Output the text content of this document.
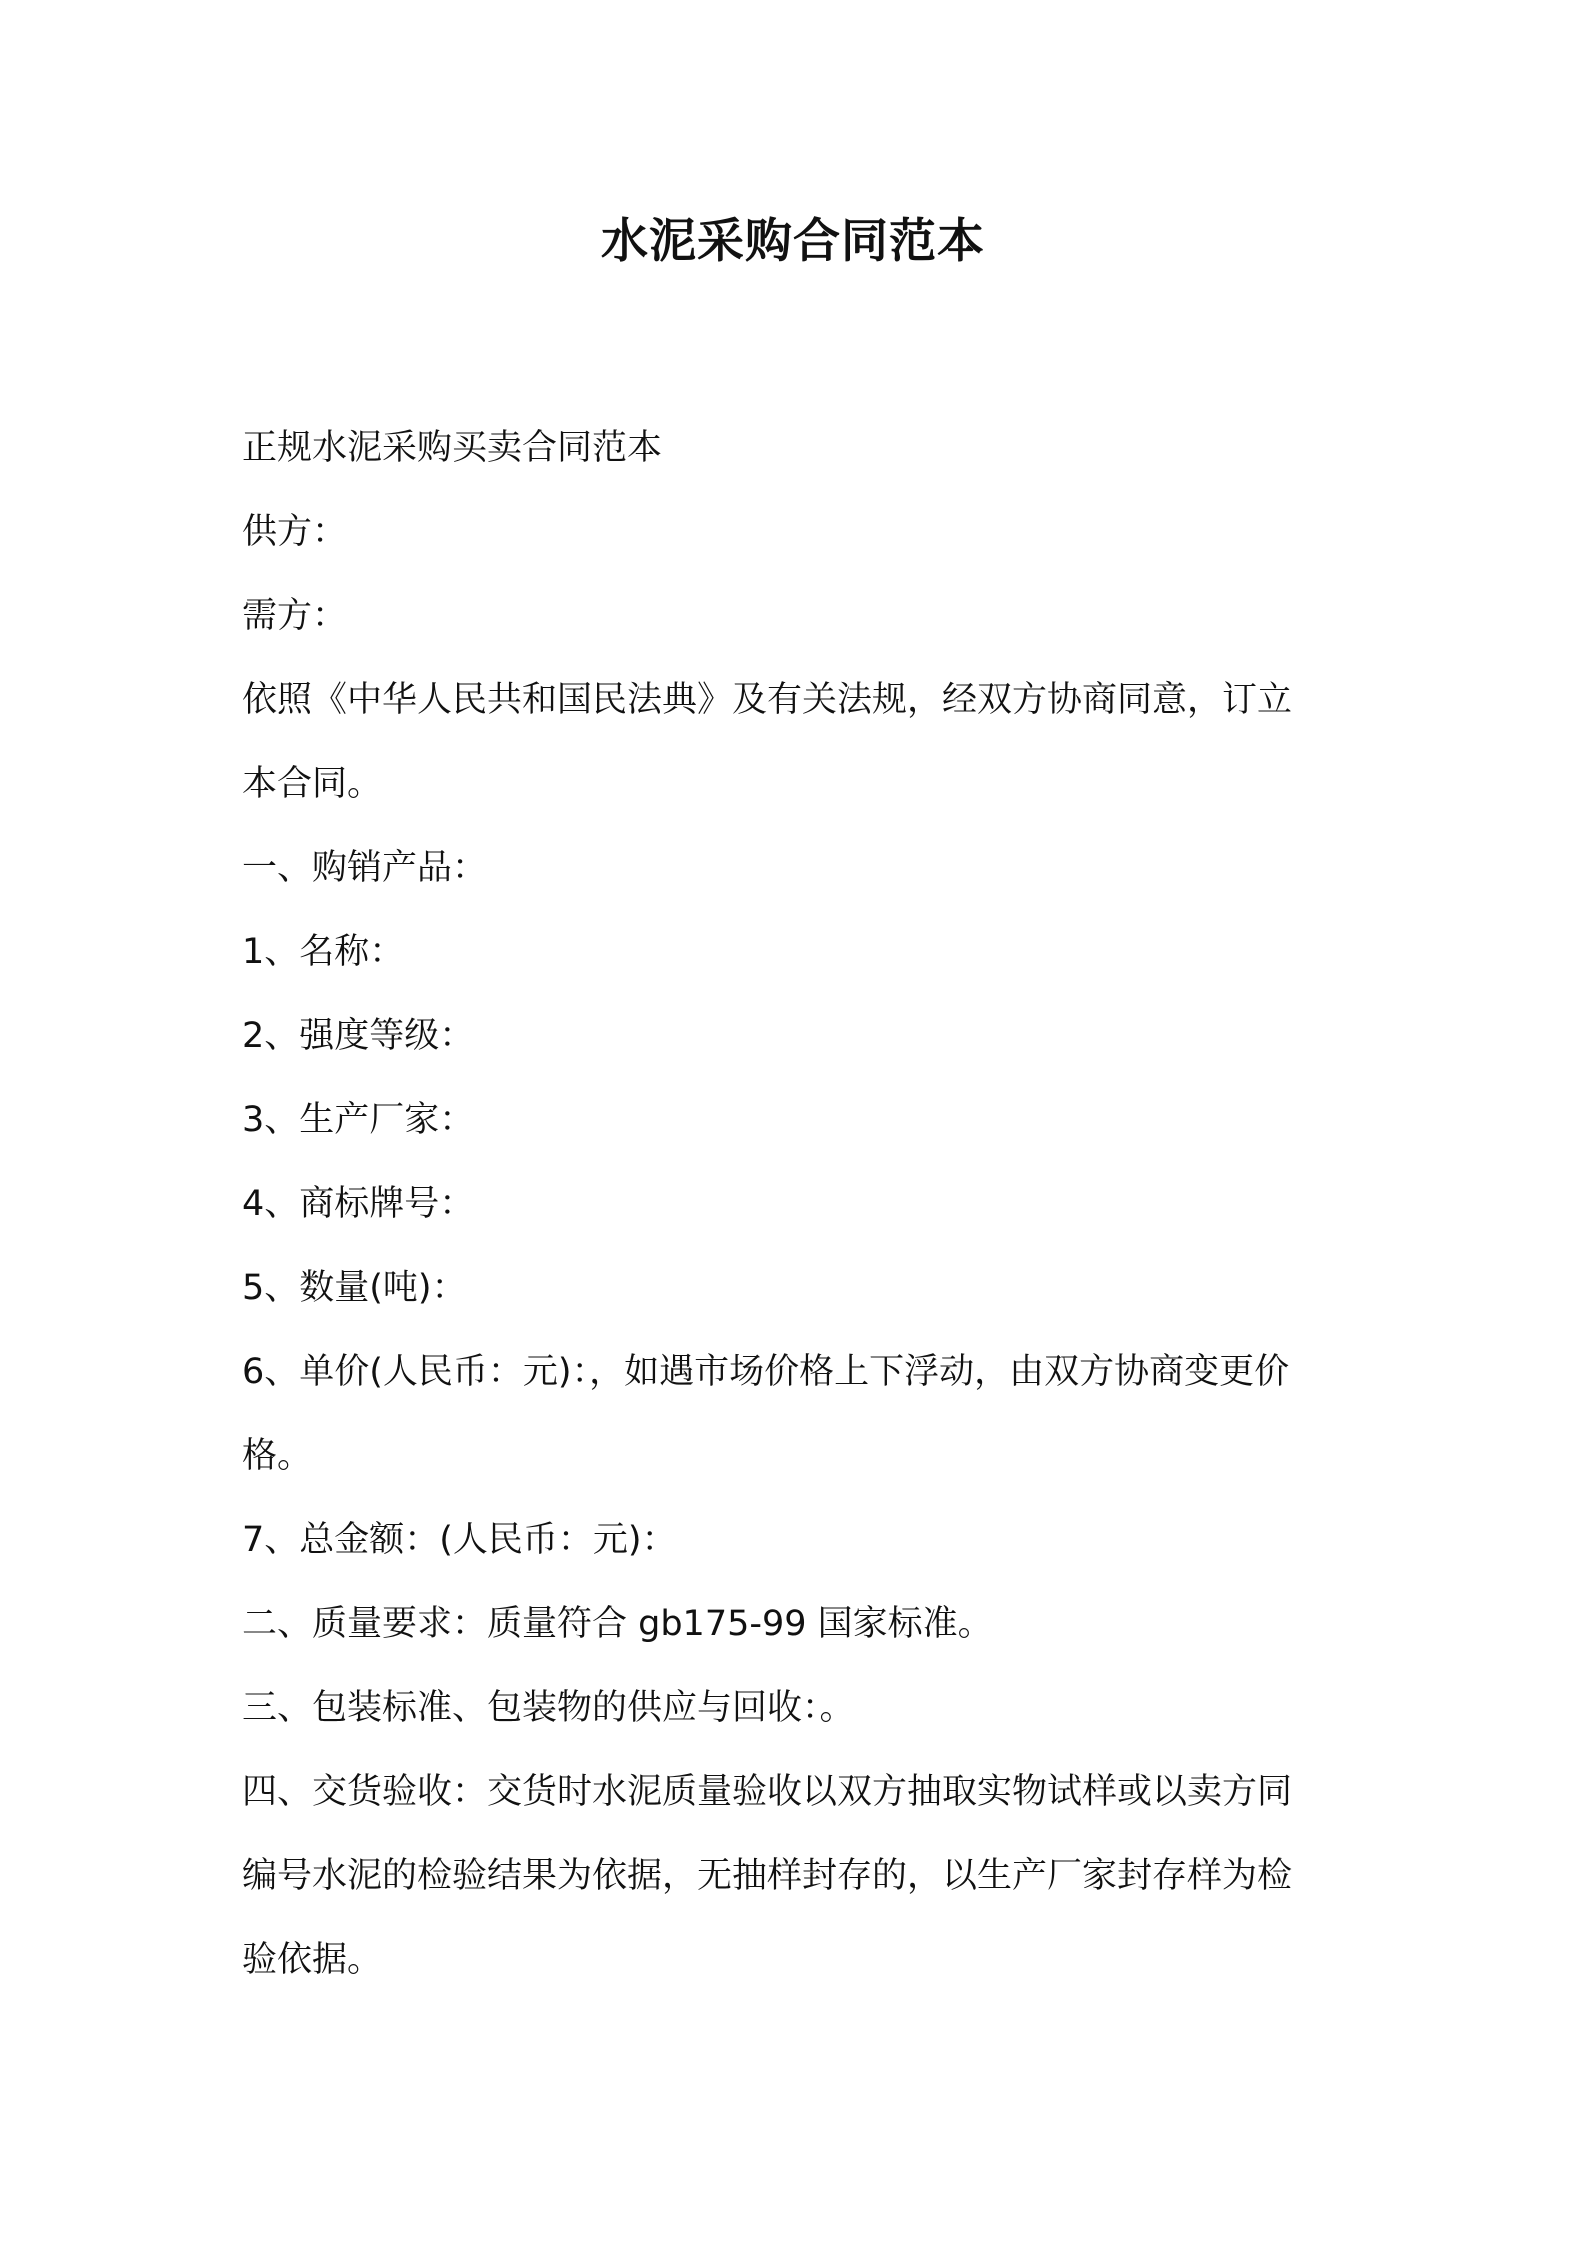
水泥采购合同范本

正规水泥采购买卖合同范本

供方：

需方：

依照《中华人民共和国民法典》及有关法规，经双方协商同意，订立

本合同。

一、购销产品：

1、名称：

2、强度等级：

3、生产厂家：

4、商标牌号：

5、数量(吨)：

6、单价(人民币：元)：，如遇市场价格上下浮动，由双方协商变更价

格。

7、总金额：(人民币：元)：

二、质量要求：质量符合 gb175-99 国家标准。

三、包装标准、包装物的供应与回收：。

四、交货验收：交货时水泥质量验收以双方抽取实物试样或以卖方同

编号水泥的检验结果为依据，无抽样封存的，以生产厂家封存样为检

验依据。
